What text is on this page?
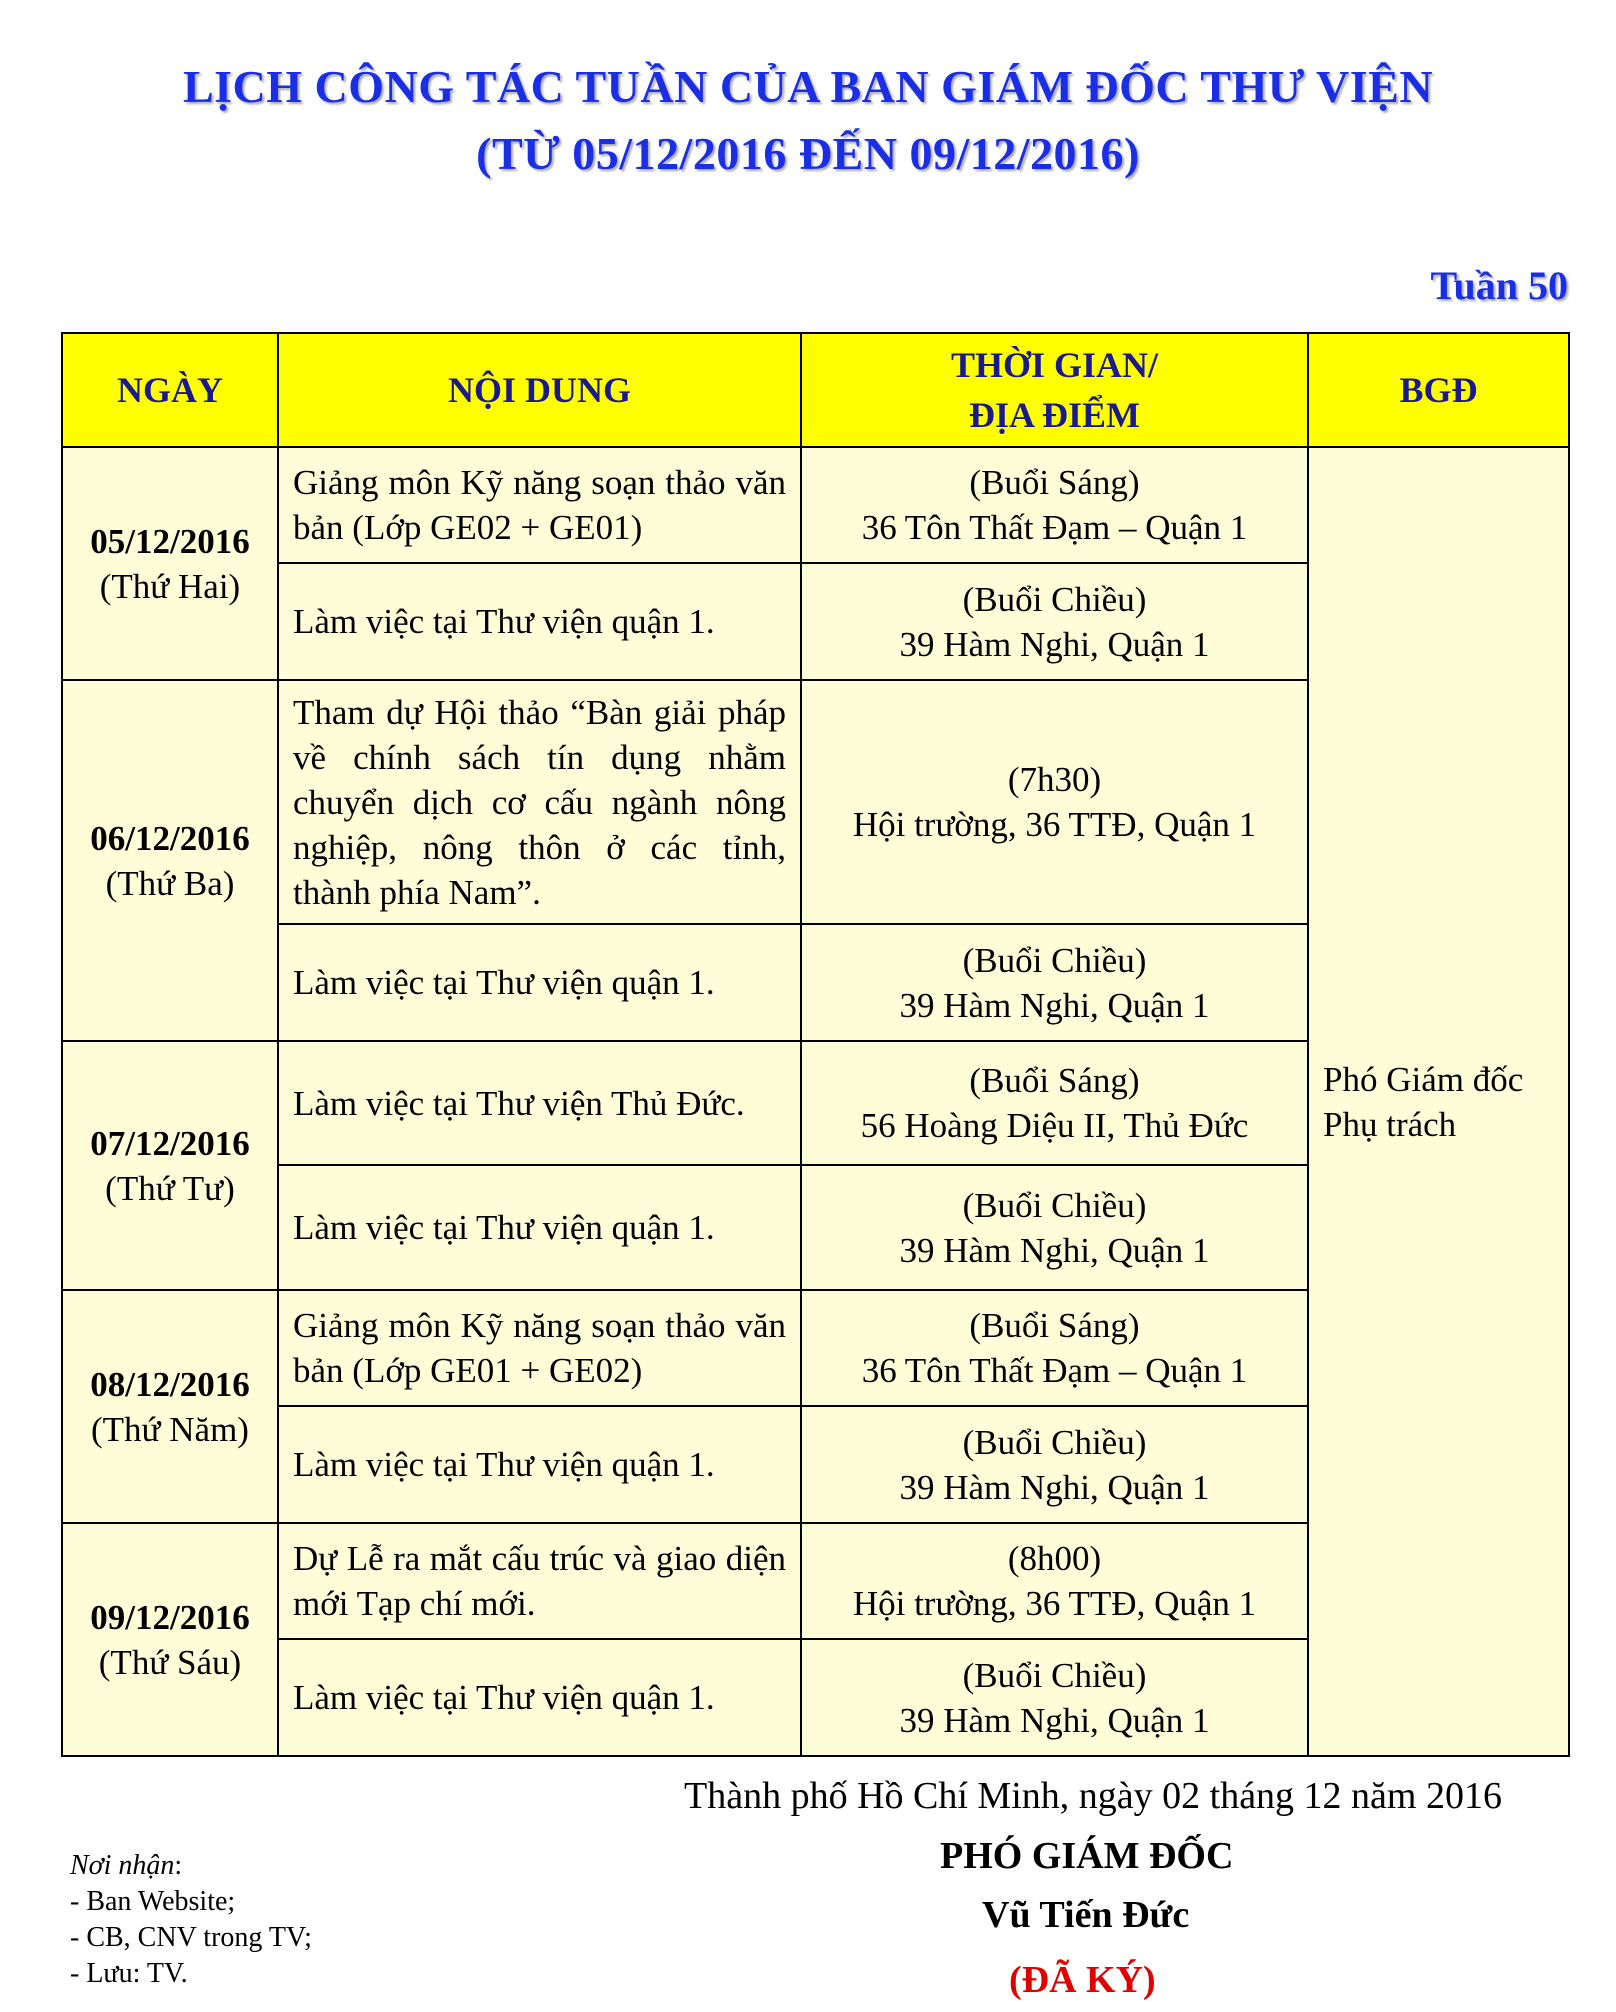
LỊCH CÔNG TÁC TUẦN CỦA BAN GIÁM ĐỐC THƯ VIỆN
(TỪ 05/12/2016 ĐẾN 09/12/2016)
Tuần 50
NGÀY	NỘI DUNG	THỜI GIAN/
ĐỊA ĐIỂM	BGĐ

05/12/2016
(Thứ Hai)	Giảng môn Kỹ năng soạn thảo văn bản (Lớp GE02 + GE01)	(Buổi Sáng)
36 Tôn Thất Đạm – Quận 1	Phó Giám đốc Phụ trách
	Làm việc tại Thư viện quận 1.	(Buổi Chiều)
39 Hàm Nghi, Quận 1	

06/12/2016
(Thứ Ba)	Tham dự Hội thảo “Bàn giải pháp về chính sách tín dụng nhằm chuyển dịch cơ cấu ngành nông nghiệp, nông thôn ở các tỉnh, thành phía Nam”.	(7h30)
Hội trường, 36 TTĐ, Quận 1	

	Làm việc tại Thư viện quận 1.	(Buổi Chiều)
39 Hàm Nghi, Quận 1	

07/12/2016
(Thứ Tư)	Làm việc tại Thư viện Thủ Đức.	(Buổi Sáng)
56 Hoàng Diệu II, Thủ Đức	

	Làm việc tại Thư viện quận 1.	(Buổi Chiều)
39 Hàm Nghi, Quận 1	

08/12/2016
(Thứ Năm)	Giảng môn Kỹ năng soạn thảo văn bản (Lớp GE01 + GE02)	(Buổi Sáng)
36 Tôn Thất Đạm – Quận 1	

	Làm việc tại Thư viện quận 1.	(Buổi Chiều)
39 Hàm Nghi, Quận 1	

09/12/2016
(Thứ Sáu)	Dự Lễ ra mắt cấu trúc và giao diện mới Tạp chí mới.	(8h00)
Hội trường, 36 TTĐ, Quận 1	

	Làm việc tại Thư viện quận 1.	(Buổi Chiều)
39 Hàm Nghi, Quận 1	
Thành phố Hồ Chí Minh, ngày 02 tháng 12 năm 2016
PHÓ GIÁM ĐỐC
Vũ Tiến Đức
(ĐÃ KÝ)
Nơi nhận:
- Ban Website;
- CB, CNV trong TV;
- Lưu: TV.
